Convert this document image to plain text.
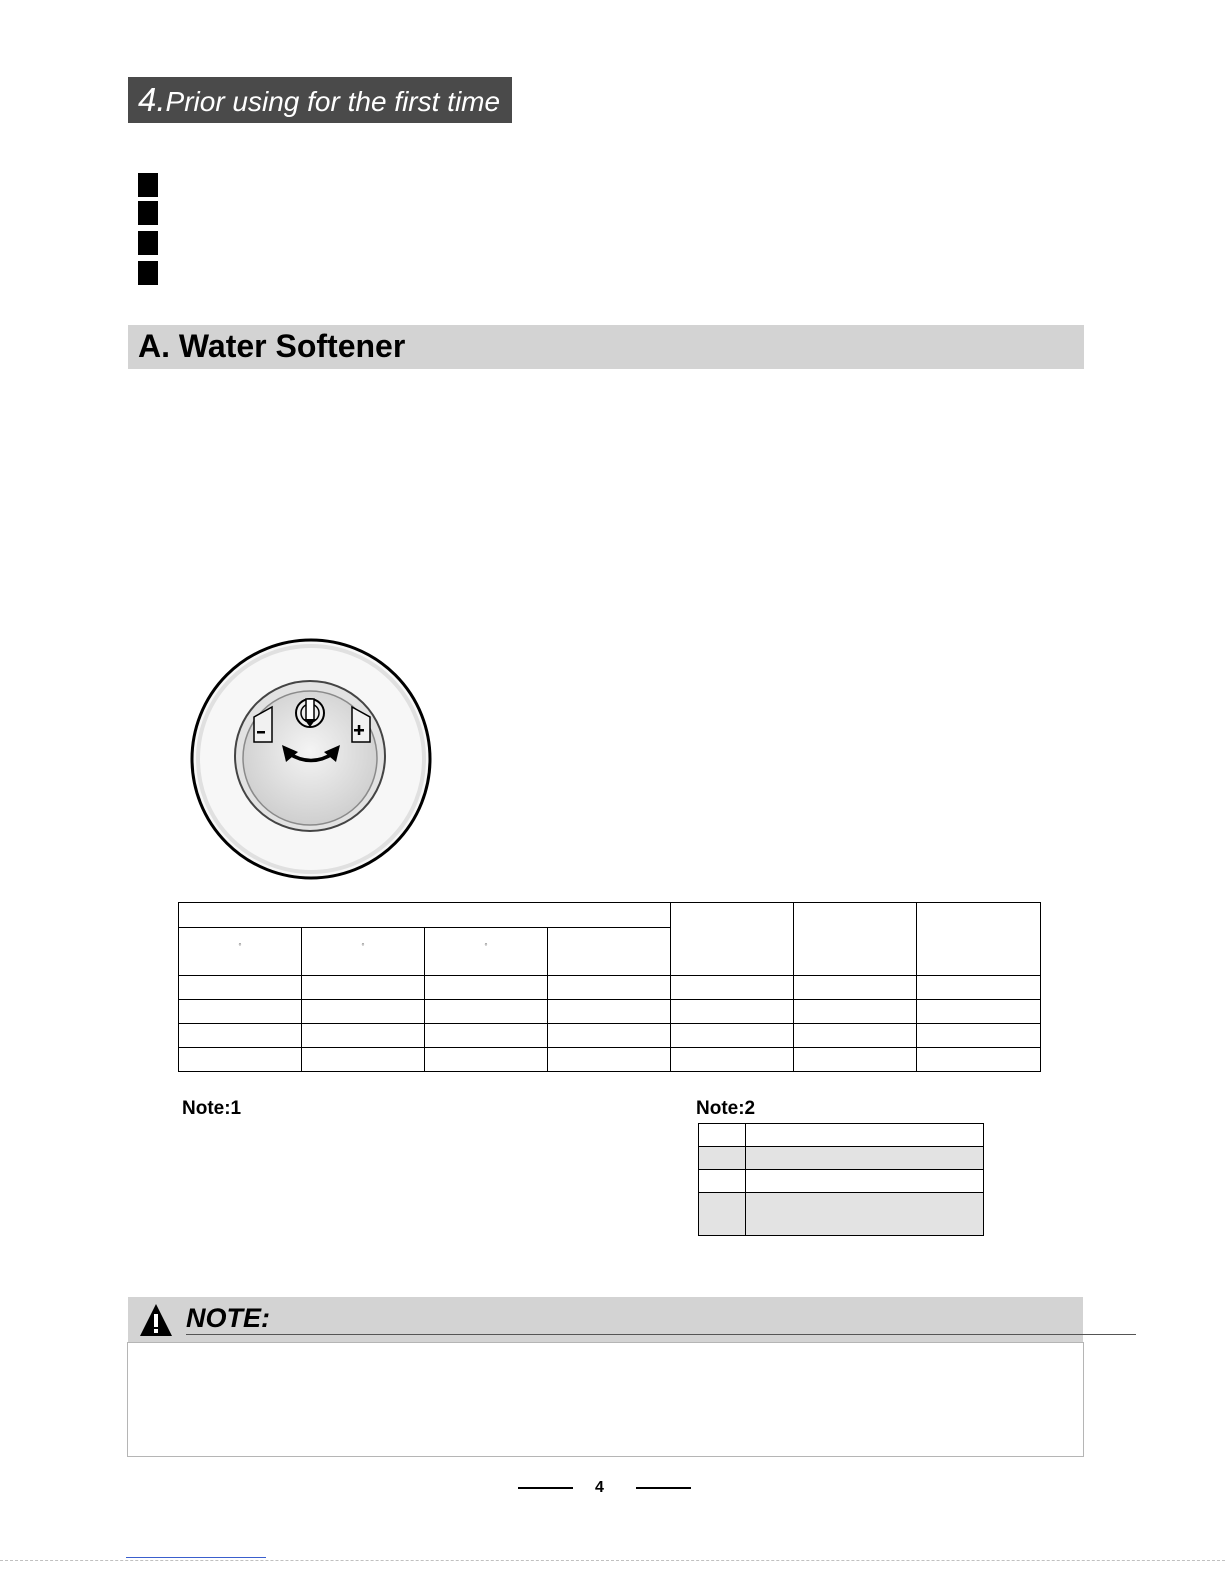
4.Prior using for the first time
A. Water Softener

°	°	°				

Note:1	Note:2

NOTE:
4
